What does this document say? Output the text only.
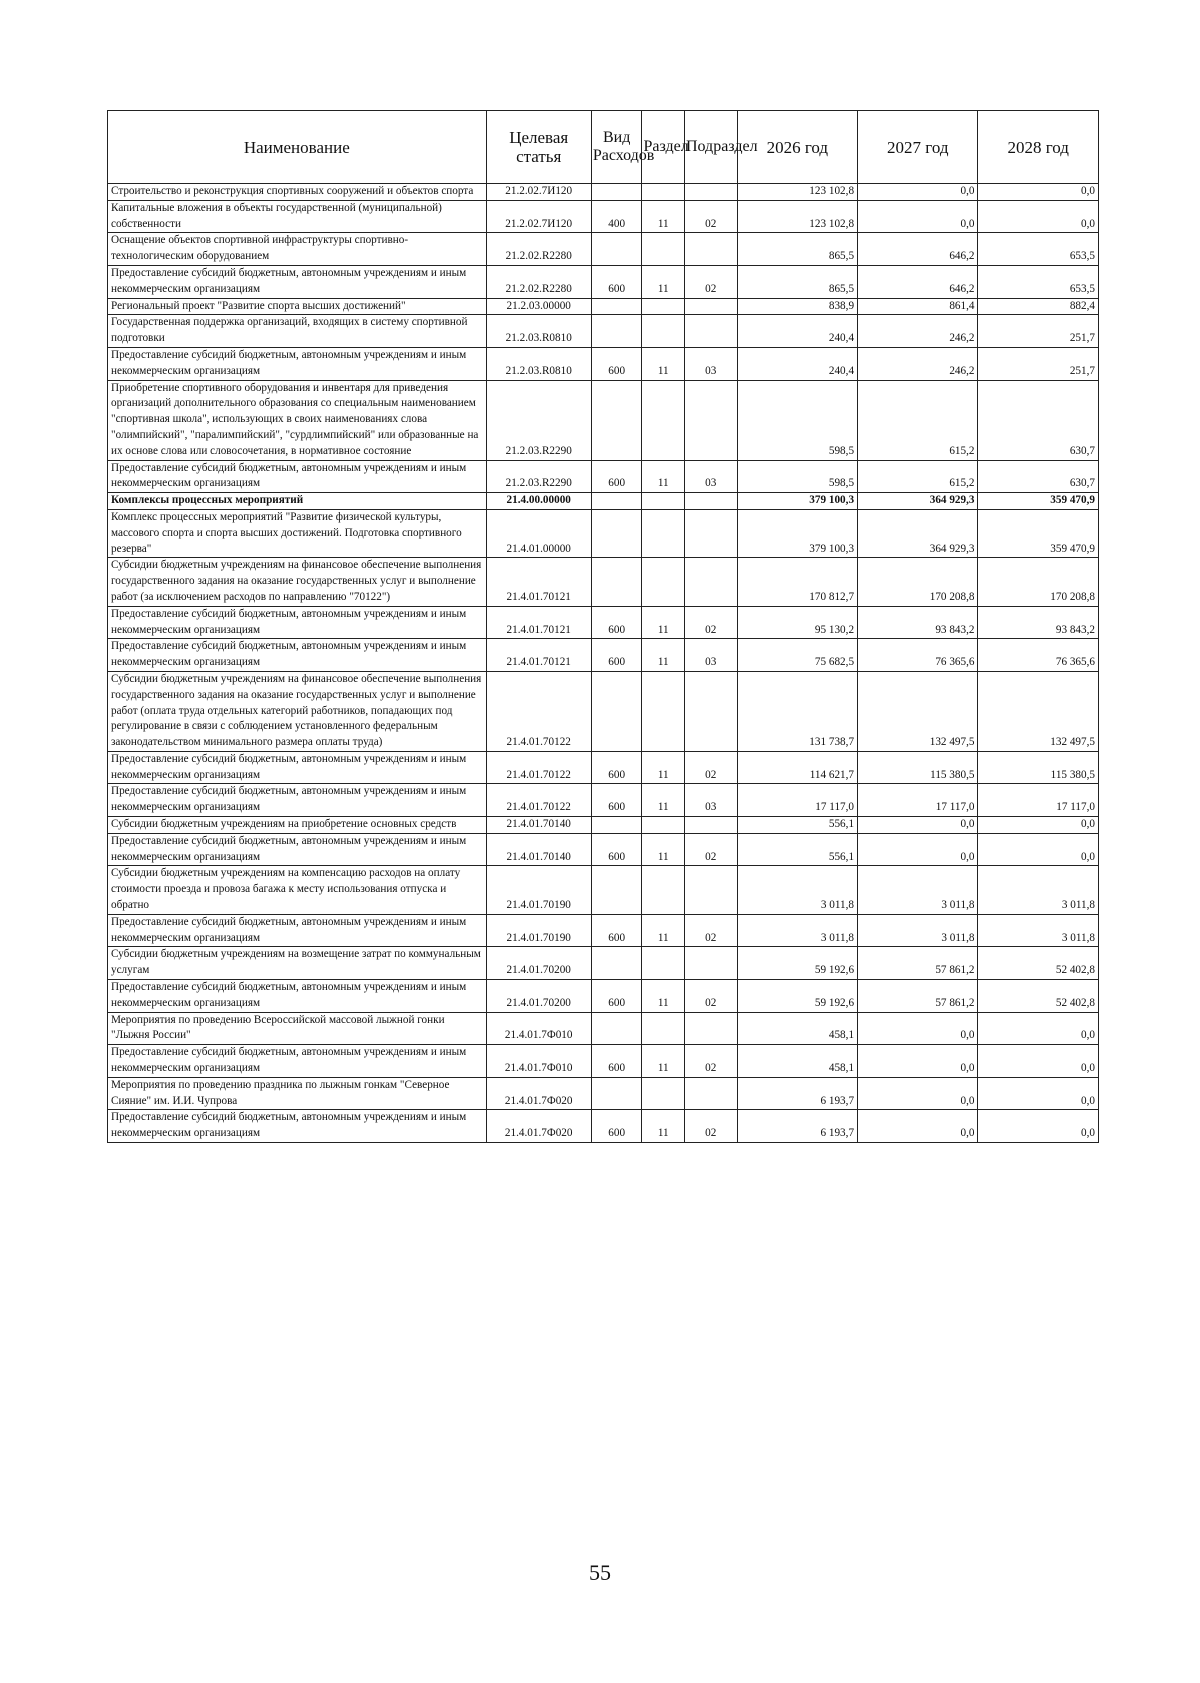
Наименование	Целевая статья	Вид Расходов	Раздел	Подраздел	2026 год	2027 год	2028 год
Строительство и реконструкция спортивных сооружений и объектов спорта	21.2.02.7И120				123 102,8	0,0	0,0
Капитальные вложения в объекты государственной (муниципальной) собственности	21.2.02.7И120	400	11	02	123 102,8	0,0	0,0
Оснащение объектов спортивной инфраструктуры спортивно-технологическим оборудованием	21.2.02.R2280				865,5	646,2	653,5
Предоставление субсидий бюджетным, автономным учреждениям и иным некоммерческим организациям	21.2.02.R2280	600	11	02	865,5	646,2	653,5
Региональный проект "Развитие спорта высших достижений"	21.2.03.00000				838,9	861,4	882,4
Государственная поддержка организаций, входящих в систему спортивной подготовки	21.2.03.R0810				240,4	246,2	251,7
Предоставление субсидий бюджетным, автономным учреждениям и иным некоммерческим организациям	21.2.03.R0810	600	11	03	240,4	246,2	251,7
Приобретение спортивного оборудования и инвентаря для приведения организаций дополнительного образования со специальным наименованием "спортивная школа", использующих в своих наименованиях слова "олимпийский", "паралимпийский", "сурдлимпийский" или образованные на их основе слова или словосочетания, в нормативное состояние	21.2.03.R2290				598,5	615,2	630,7
Предоставление субсидий бюджетным, автономным учреждениям и иным некоммерческим организациям	21.2.03.R2290	600	11	03	598,5	615,2	630,7
Комплексы процессных мероприятий	21.4.00.00000				379 100,3	364 929,3	359 470,9
Комплекс процессных мероприятий "Развитие физической культуры, массового спорта и спорта высших достижений. Подготовка спортивного резерва"	21.4.01.00000				379 100,3	364 929,3	359 470,9
Субсидии бюджетным учреждениям на финансовое обеспечение выполнения государственного задания на оказание государственных услуг и выполнение работ (за исключением расходов по направлению "70122")	21.4.01.70121				170 812,7	170 208,8	170 208,8
Предоставление субсидий бюджетным, автономным учреждениям и иным некоммерческим организациям	21.4.01.70121	600	11	02	95 130,2	93 843,2	93 843,2
Предоставление субсидий бюджетным, автономным учреждениям и иным некоммерческим организациям	21.4.01.70121	600	11	03	75 682,5	76 365,6	76 365,6
Субсидии бюджетным учреждениям на финансовое обеспечение выполнения государственного задания на оказание государственных услуг и выполнение работ (оплата труда отдельных категорий работников, попадающих под регулирование в связи с соблюдением установленного федеральным законодательством минимального размера оплаты труда)	21.4.01.70122				131 738,7	132 497,5	132 497,5
Предоставление субсидий бюджетным, автономным учреждениям и иным некоммерческим организациям	21.4.01.70122	600	11	02	114 621,7	115 380,5	115 380,5
Предоставление субсидий бюджетным, автономным учреждениям и иным некоммерческим организациям	21.4.01.70122	600	11	03	17 117,0	17 117,0	17 117,0
Субсидии бюджетным учреждениям на приобретение основных средств	21.4.01.70140				556,1	0,0	0,0
Предоставление субсидий бюджетным, автономным учреждениям и иным некоммерческим организациям	21.4.01.70140	600	11	02	556,1	0,0	0,0
Субсидии бюджетным учреждениям на компенсацию расходов на оплату стоимости проезда и провоза багажа к месту использования отпуска и обратно	21.4.01.70190				3 011,8	3 011,8	3 011,8
Предоставление субсидий бюджетным, автономным учреждениям и иным некоммерческим организациям	21.4.01.70190	600	11	02	3 011,8	3 011,8	3 011,8
Субсидии бюджетным учреждениям на возмещение затрат по коммунальным услугам	21.4.01.70200				59 192,6	57 861,2	52 402,8
Предоставление субсидий бюджетным, автономным учреждениям и иным некоммерческим организациям	21.4.01.70200	600	11	02	59 192,6	57 861,2	52 402,8
Мероприятия по проведению Всероссийской массовой лыжной гонки "Лыжня России"	21.4.01.7Ф010				458,1	0,0	0,0
Предоставление субсидий бюджетным, автономным учреждениям и иным некоммерческим организациям	21.4.01.7Ф010	600	11	02	458,1	0,0	0,0
Мероприятия по проведению праздника по лыжным гонкам "Северное Сияние" им. И.И. Чупрова	21.4.01.7Ф020				6 193,7	0,0	0,0
Предоставление субсидий бюджетным, автономным учреждениям и иным некоммерческим организациям	21.4.01.7Ф020	600	11	02	6 193,7	0,0	0,0
55
